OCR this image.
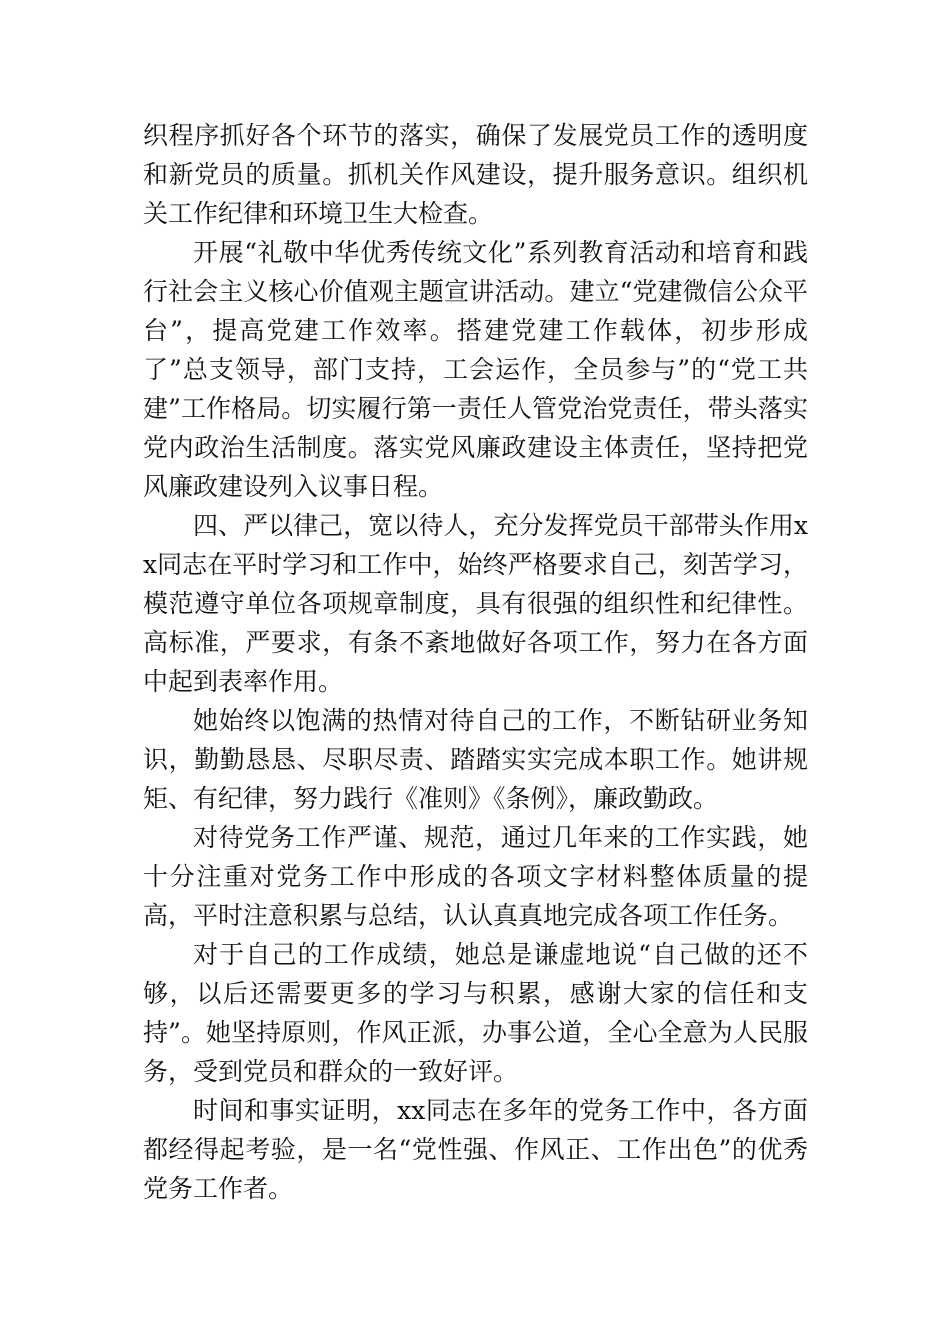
织程序抓好各个环节的落实，确保了发展党员工作的透明度和新党员的质量。抓机关作风建设，提升服务意识。组织机关工作纪律和环境卫生大检查。

开展“礼敬中华优秀传统文化”系列教育活动和培育和践行社会主义核心价值观主题宣讲活动。建立“党建微信公众平台”，提高党建工作效率。搭建党建工作载体，初步形成了”总支领导，部门支持，工会运作，全员参与”的“党工共建”工作格局。切实履行第一责任人管党治党责任，带头落实党内政治生活制度。落实党风廉政建设主体责任，坚持把党风廉政建设列入议事日程。

四、严以律己，宽以待人，充分发挥党员干部带头作用xx同志在平时学习和工作中，始终严格要求自己，刻苦学习，模范遵守单位各项规章制度，具有很强的组织性和纪律性。高标准，严要求，有条不紊地做好各项工作，努力在各方面中起到表率作用。

她始终以饱满的热情对待自己的工作，不断钻研业务知识，勤勤恳恳、尽职尽责、踏踏实实完成本职工作。她讲规矩、有纪律，努力践行《准则》《条例》，廉政勤政。

对待党务工作严谨、规范，通过几年来的工作实践，她十分注重对党务工作中形成的各项文字材料整体质量的提高，平时注意积累与总结，认认真真地完成各项工作任务。

对于自己的工作成绩，她总是谦虚地说“自己做的还不够，以后还需要更多的学习与积累，感谢大家的信任和支持”。她坚持原则，作风正派，办事公道，全心全意为人民服务，受到党员和群众的一致好评。

时间和事实证明，xx同志在多年的党务工作中，各方面都经得起考验，是一名“党性强、作风正、工作出色”的优秀党务工作者。
